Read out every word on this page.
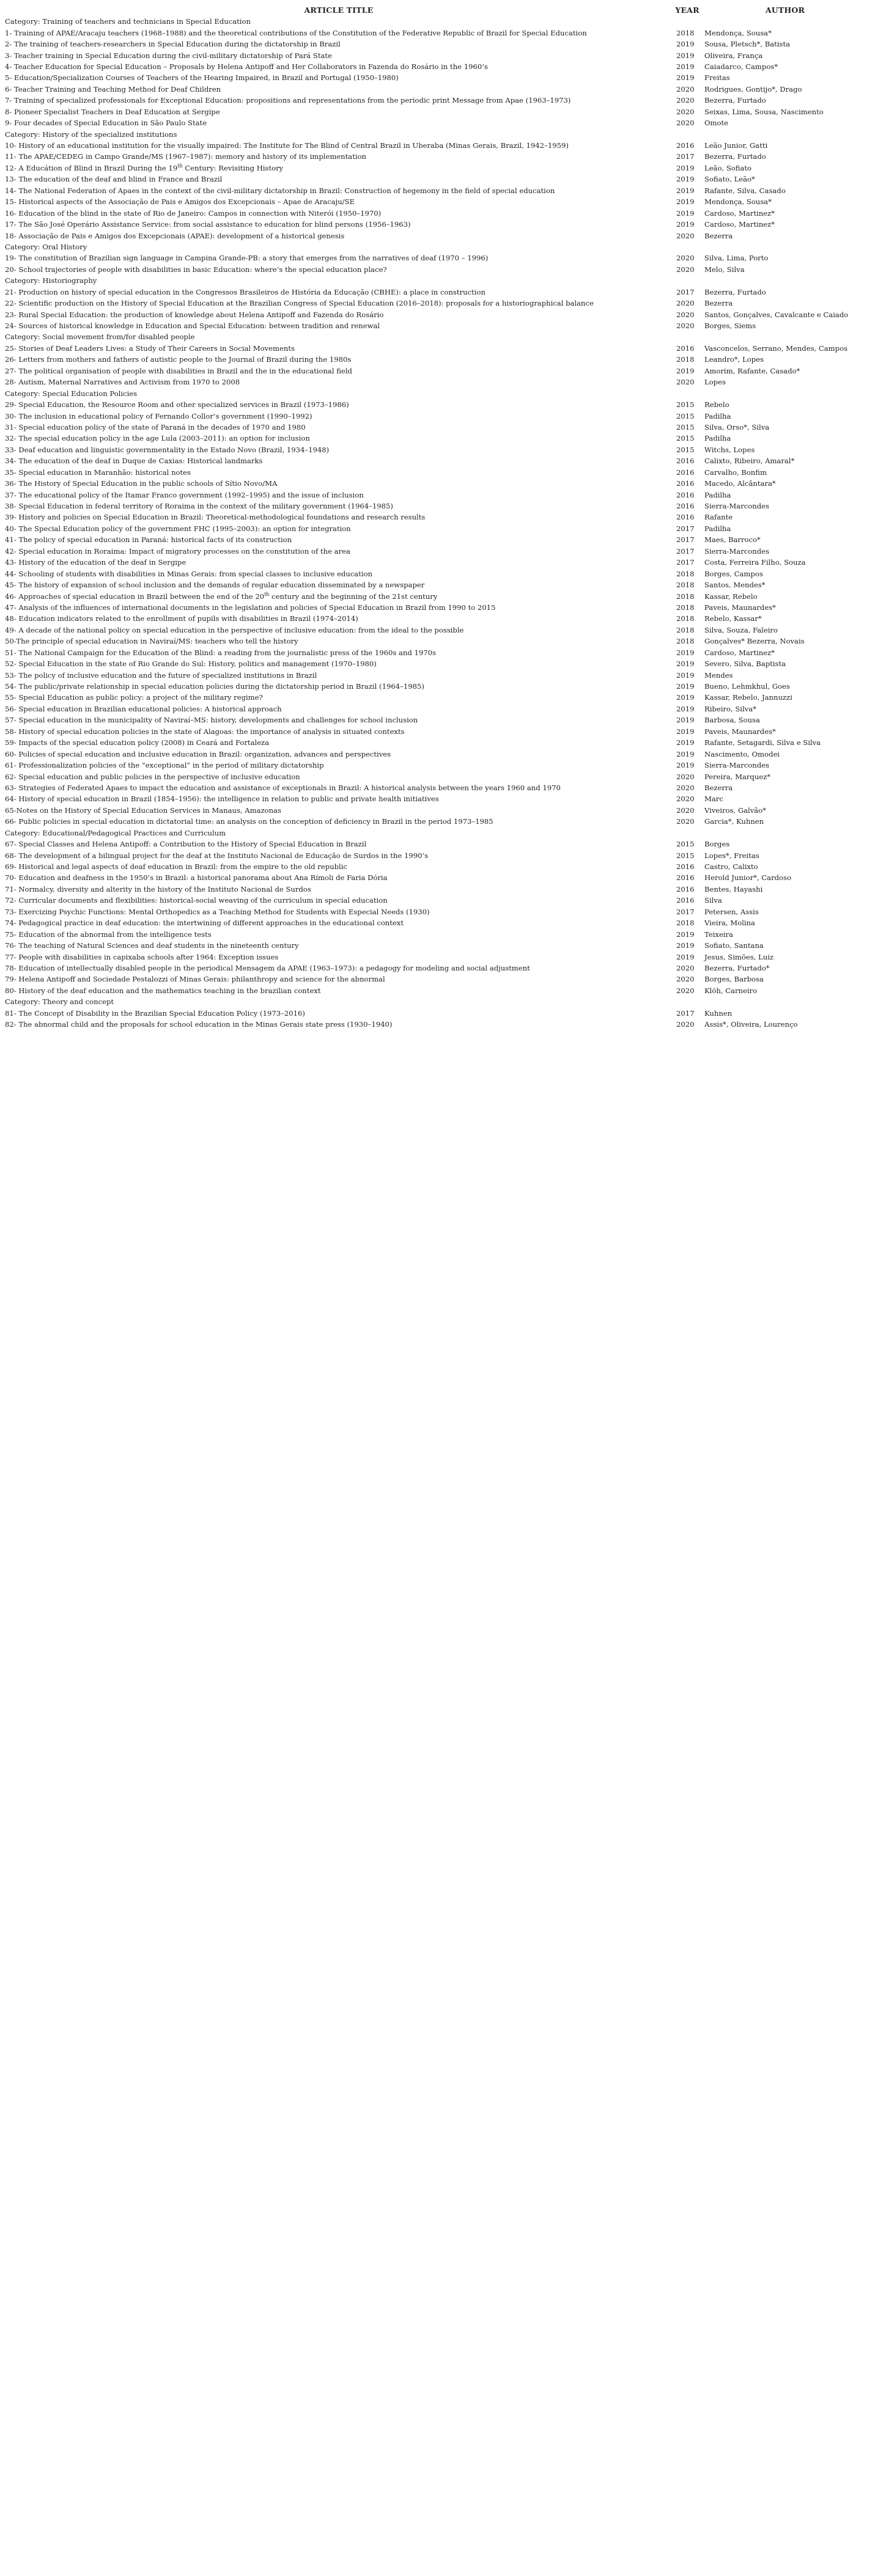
ARTICLE TITLE	YEAR	AUTHOR
Category: Training of teachers and technicians in Special Education		
1- Training of APAE/Aracaju teachers (1968–1988) and the theoretical contributions of the Constitution of the Federative Republic of Brazil for Special Education	2018	Mendonça, Sousa*
2- The training of teachers-researchers in Special Education during the dictatorship in Brazil	2019	Sousa, Pletsch*, Batista
3- Teacher training in Special Education during the civil-military dictatorship of Pará State	2019	Oliveira, França
4- Teacher Education for Special Education – Proposals by Helena Antipoff and Her Collaborators in Fazenda do Rosário in the 1960’s	2019	Caiadarco, Campos*
5- Education/Specialization Courses of Teachers of the Hearing Impaired, in Brazil and Portugal (1950–1980)	2019	Freitas
6- Teacher Training and Teaching Method for Deaf Children	2020	Rodrigues, Gontijo*, Drago
7- Training of specialized professionals for Exceptional Education: propositions and representations from the periodic print Message from Apae (1963–1973)	2020	Bezerra, Furtado
8- Pioneer Specialist Teachers in Deaf Education at Sergipe	2020	Seixas, Lima, Sousa, Nascimento
9- Four decades of Special Education in São Paulo State	2020	Omote
Category: History of the specialized institutions		
10- History of an educational institution for the visually impaired: The Institute for The Blind of Central Brazil in Uberaba (Minas Gerais, Brazil, 1942–1959)	2016	Leão Junior, Gatti
11- The APAE/CEDEG in Campo Grande/MS (1967–1987): memory and history of its implementation	2017	Bezerra, Furtado
12- A Educátion of Blind in Brazil During the 19th Century: Revisiting History	2019	Leão, Sofiato
13- The education of the deaf and blind in France and Brazil	2019	Sofiato, Leão*
14- The National Federation of Apaes in the context of the civil-military dictatorship in Brazil: Construction of hegemony in the field of special education	2019	Rafante, Silva, Casado
15- Historical aspects of the Associação de Pais e Amigos dos Excepcionais – Apae de Aracaju/SE	2019	Mendonça, Sousa*
16- Education of the blind in the state of Rio de Janeiro: Campos in connection with Niterói (1950–1970)	2019	Cardoso, Martinez*
17- The São José Operário Assistance Service: from social assistance to education for blind persons (1956–1963)	2019	Cardoso, Martinez*
18- Associação de Pais e Amigos dos Excepcionais (APAE): development of a historical genesis	2020	Bezerra
Category: Oral History		
19- The constitution of Brazilian sign language in Campina Grande-PB: a story that emerges from the narratives of deaf (1970 – 1996)	2020	Silva, Lima, Porto
20- School trajectories of people with disabilities in basic Education: where’s the special education place?	2020	Melo, Silva
Category: Historiography		
21- Production on history of special education in the Congressos Brasileiros de História da Educação (CBHE): a place in construction	2017	Bezerra, Furtado
22- Scientific production on the History of Special Education at the Brazilian Congress of Special Education (2016–2018): proposals for a historiographical balance	2020	Bezerra
23- Rural Special Education: the production of knowledge about Helena Antipoff and Fazenda do Rosário	2020	Santos, Gonçalves, Cavalcante e Caiado
24- Sources of historical knowledge in Education and Special Education: between tradition and renewal	2020	Borges, Siems
Category: Social movement from/for disabled people		
25- Stories of Deaf Leaders Lives: a Study of Their Careers in Social Movements	2016	Vasconcelos, Serrano, Mendes, Campos
26- Letters from mothers and fathers of autistic people to the Journal of Brazil during the 1980s	2018	Leandro*, Lopes
27- The political organisation of people with disabilities in Brazil and the in the educational field	2019	Amorim, Rafante, Casado*
28- Autism, Maternal Narratives and Activism from 1970 to 2008	2020	Lopes
Category: Special Education Policies		
29- Special Education, the Resource Room and other specialized services in Brazil (1973–1986)	2015	Rebelo
30- The inclusion in educational policy of Fernando Collor’s government (1990–1992)	2015	Padilha
31- Special education policy of the state of Paraná in the decades of 1970 and 1980	2015	Silva, Orso*, Silva
32- The special education policy in the age Lula (2003–2011): an option for inclusion	2015	Padilha
33- Deaf education and linguistic governmentality in the Estado Novo (Brazil, 1934–1948)	2015	Witchs, Lopes
34- The education of the deaf in Duque de Caxias: Historical landmarks	2016	Calixto, Ribeiro, Amaral*
35- Special education in Maranhão: historical notes	2016	Carvalho, Bonfim
36- The History of Special Education in the public schools of Sítio Novo/MA	2016	Macedo, Alcântara*
37- The educational policy of the Itamar Franco government (1992–1995) and the issue of inclusion	2016	Padilha
38- Special Education in federal territory of Roraima in the context of the military government (1964–1985)	2016	Sierra-Marcondes
39- History and policies on Special Education in Brazil: Theoretical-methodological foundations and research results	2016	Rafante
40- The Special Education policy of the government FHC (1995–2003): an option for integration	2017	Padilha
41- The policy of special education in Paraná: historical facts of its construction	2017	Maes, Barroco*
42- Special education in Roraima: Impact of migratory processes on the constitution of the area	2017	Sierra-Marcondes
43- History of the education of the deaf in Sergipe	2017	Costa, Ferreira Filho, Souza
44- Schooling of students with disabilities in Minas Gerais: from special classes to inclusive education	2018	Borges, Campos
45- The history of expansion of school inclusion and the demands of regular education disseminated by a newspaper	2018	Santos, Mendes*
46- Approaches of special education in Brazil between the end of the 20th century and the beginning of the 21st century	2018	Kassar, Rebelo
47- Analysis of the influences of international documents in the legislation and policies of Special Education in Brazil from 1990 to 2015	2018	Paveis, Maunardes*
48- Education indicators related to the enrollment of pupils with disabilities in Brazil (1974–2014)	2018	Rebelo, Kassar*
49- A decade of the national policy on special education in the perspective of inclusive education: from the ideal to the possible	2018	Silva, Souza, Faleiro
50-The principle of special education in Naviraí/MS: teachers who tell the history	2018	Gonçalves* Bezerra, Novais
51- The National Campaign for the Education of the Blind: a reading from the journalistic press of the 1960s and 1970s	2019	Cardoso, Martinez*
52- Special Education in the state of Rio Grande do Sul: History, politics and management (1970–1980)	2019	Severo, Silva, Baptista
53- The policy of inclusive education and the future of specialized institutions in Brazil	2019	Mendes
54- The public/private relationship in special education policies during the dictatorship period in Brazil (1964–1985)	2019	Bueno, Lehmkhul, Goes
55- Special Education as public policy: a project of the military regime?	2019	Kassar, Rebelo, Jannuzzi
56- Special education in Brazilian educational policies: A historical approach	2019	Ribeiro, Silva*
57- Special education in the municipality of Naviraí–MS: history, developments and challenges for school inclusion	2019	Barbosa, Sousa
58- History of special education policies in the state of Alagoas: the importance of analysis in situated contexts	2019	Paveis, Maunardes*
59- Impacts of the special education policy (2008) in Ceará and Fortaleza	2019	Rafante, Setagardi, Silva e Silva
60- Policies of special education and inclusive education in Brazil: organization, advances and perspectives	2019	Nascimento, Omodei
61- Professionalization policies of the “exceptional” in the period of military dictatorship	2019	Sierra-Marcondes
62- Special education and public policies in the perspective of inclusive education	2020	Pereira, Marquez*
63- Strategies of Federated Apaes to impact the education and assistance of exceptionals in Brazil: A historical analysis between the years 1960 and 1970	2020	Bezerra
64- History of special education in Brazil (1854–1956): the intelligence in relation to public and private health initiatives	2020	Marc
65-Notes on the History of Special Education Services in Manaus, Amazonas	2020	Viveiros, Galvão*
66- Public policies in special education in dictatorial time: an analysis on the conception of deficiency in Brazil in the period 1973–1985	2020	Garcia*, Kuhnen
Category: Educational/Pedagogical Practices and Curriculum		
67- Special Classes and Helena Antipoff: a Contribution to the History of Special Education in Brazil	2015	Borges
68- The development of a bilingual project for the deaf at the Instituto Nacional de Educação de Surdos in the 1990’s	2015	Lopes*, Freitas
69- Historical and legal aspects of deaf education in Brazil: from the empire to the old republic	2016	Castro, Calixto
70- Education and deafness in the 1950’s in Brazil: a historical panorama about Ana Rímoli de Faria Dória	2016	Herold Junior*, Cardoso
71- Normalcy, diversity and alterity in the history of the Instituto Nacional de Surdos	2016	Bentes, Hayashi
72- Curricular documents and flexibilities: historical-social weaving of the curriculum in special education	2016	Silva
73- Exercizing Psychic Functions: Mental Orthopedics as a Teaching Method for Students with Especial Needs (1930)	2017	Petersen, Assis
74- Pedagogical practice in deaf education: the intertwining of different approaches in the educational context	2018	Vieira, Molina
75- Education of the abnormal from the intelligence tests	2019	Teixeira
76- The teaching of Natural Sciences and deaf students in the nineteenth century	2019	Sofiato, Santana
77- People with disabilities in capixaba schools after 1964: Exception issues	2019	Jesus, Simões, Luiz
78- Education of intellectually disabled people in the periodical Mensagem da APAE (1963–1973): a pedagogy for modeling and social adjustment	2020	Bezerra, Furtado*
79- Helena Antipoff and Sociedade Pestalozzi of Minas Gerais: philanthropy and science for the abnormal	2020	Borges, Barbosa
80- History of the deaf education and the mathematics teaching in the brazilian context	2020	Klöh, Carneiro
Category: Theory and concept		
81- The Concept of Disability in the Brazilian Special Education Policy (1973–2016)	2017	Kuhnen
82- The abnormal child and the proposals for school education in the Minas Gerais state press (1930–1940)	2020	Assis*, Oliveira, Lourenço
